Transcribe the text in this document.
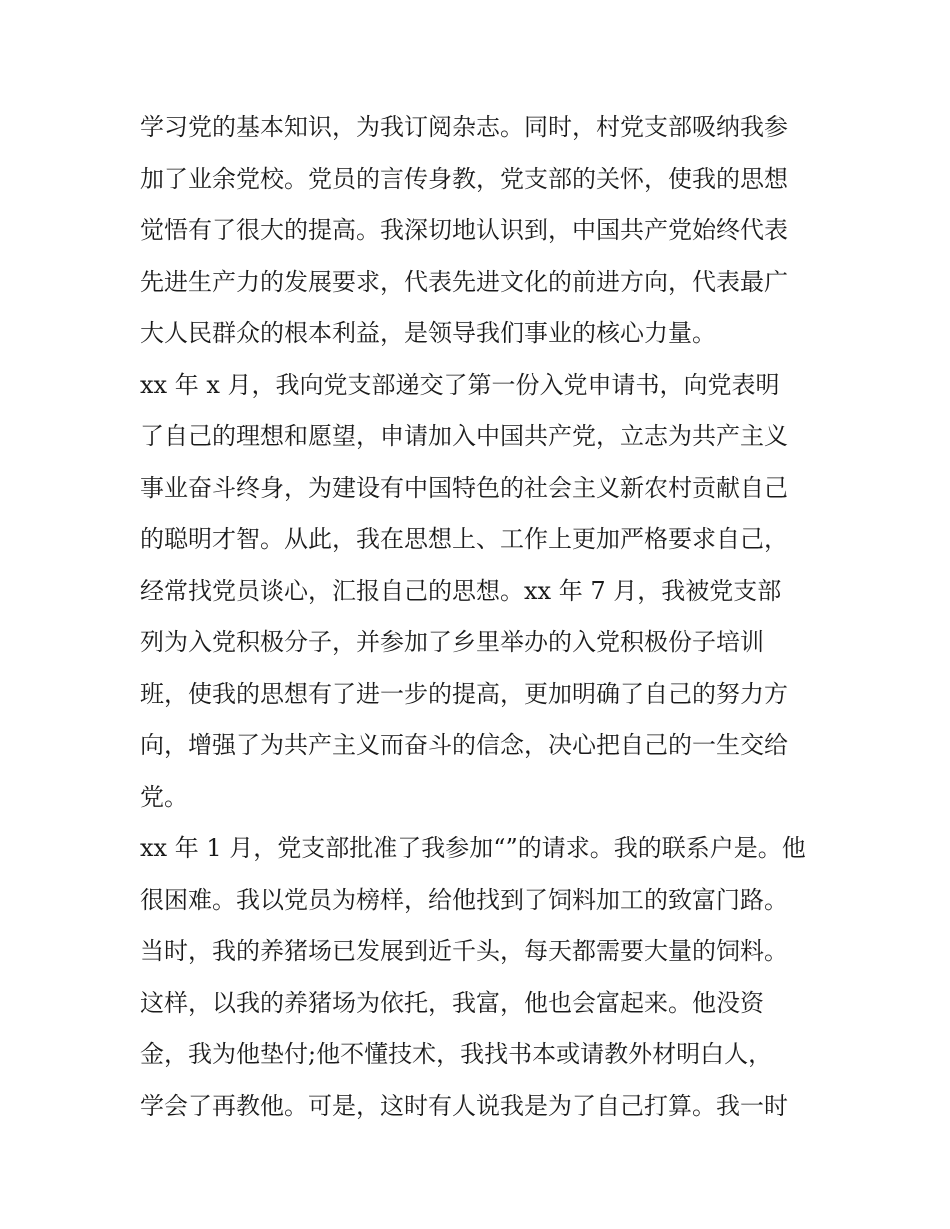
学习党的基本知识，为我订阅杂志。同时，村党支部吸纳我参
加了业余党校。党员的言传身教，党支部的关怀，使我的思想
觉悟有了很大的提高。我深切地认识到，中国共产党始终代表
先进生产力的发展要求，代表先进文化的前进方向，代表最广
大人民群众的根本利益，是领导我们事业的核心力量。
xx 年 x 月，我向党支部递交了第一份入党申请书，向党表明
了自己的理想和愿望，申请加入中国共产党，立志为共产主义
事业奋斗终身，为建设有中国特色的社会主义新农村贡献自己
的聪明才智。从此，我在思想上、工作上更加严格要求自己，
经常找党员谈心，汇报自己的思想。xx 年 7 月，我被党支部
列为入党积极分子，并参加了乡里举办的入党积极份子培训
班，使我的思想有了进一步的提高，更加明确了自己的努力方
向，增强了为共产主义而奋斗的信念，决心把自己的一生交给
党。
xx 年 1 月，党支部批准了我参加“”的请求。我的联系户是。他
很困难。我以党员为榜样，给他找到了饲料加工的致富门路。
当时，我的养猪场已发展到近千头，每天都需要大量的饲料。
这样，以我的养猪场为依托，我富，他也会富起来。他没资
金，我为他垫付;他不懂技术，我找书本或请教外材明白人，
学会了再教他。可是，这时有人说我是为了自己打算。我一时
